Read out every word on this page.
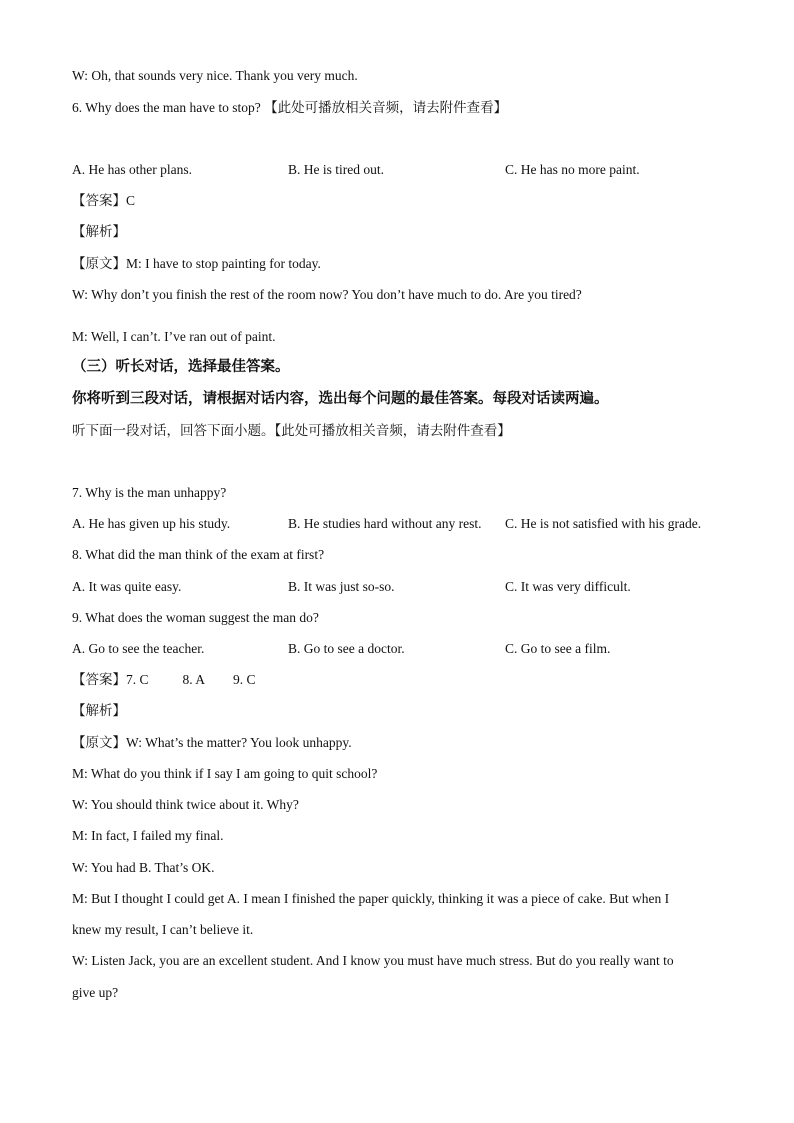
W: Oh, that sounds very nice. Thank you very much.
6. Why does the man have to stop? 【此处可播放相关音频，请去附件查看】
A. He has other plans.	B. He is tired out.	C. He has no more paint.
【答案】C
【解析】
【原文】M: I have to stop painting for today.
W: Why don’t you finish the rest of the room now? You don’t have much to do. Are you tired?
M: Well, I can’t. I’ve ran out of paint.
（三）听长对话，选择最佳答案。
你将听到三段对话，请根据对话内容，选出每个问题的最佳答案。每段对话读两遍。
听下面一段对话，回答下面小题。【此处可播放相关音频，请去附件查看】
7. Why is the man unhappy?
A. He has given up his study.	B. He studies hard without any rest. C. He is not satisfied with his grade.
8. What did the man think of the exam at first?
A. It was quite easy.	B. It was just so-so.	C. It was very difficult.
9. What does the woman suggest the man do?
A. Go to see the teacher.	B. Go to see a doctor.	C. Go to see a film.
【答案】7. C	8. A 9. C
【解析】
【原文】W: What’s the matter? You look unhappy.
M: What do you think if I say I am going to quit school?
W: You should think twice about it. Why?
M: In fact, I failed my final.
W: You had B. That’s OK.
M: But I thought I could get A. I mean I finished the paper quickly, thinking it was a piece of cake. But when I
knew my result, I can’t believe it.
W: Listen Jack, you are an excellent student. And I know you must have much stress. But do you really want to
give up?
